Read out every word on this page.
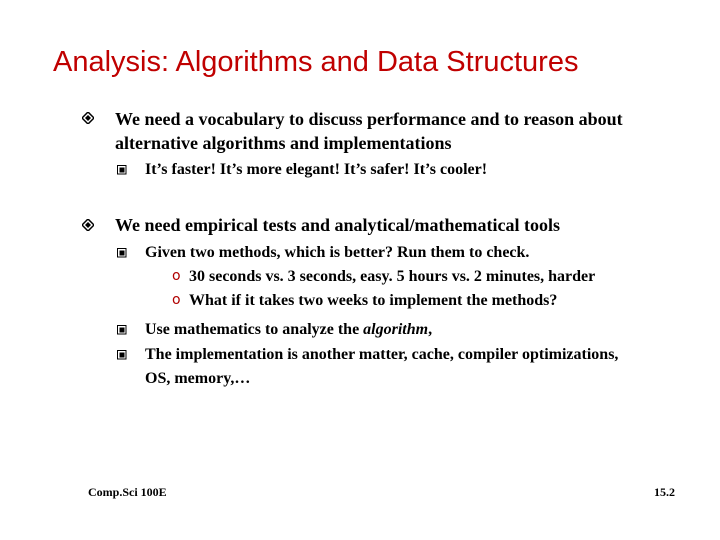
Analysis: Algorithms and Data Structures

We need a vocabulary to discuss performance and to reason about

alternative algorithms and implementations

It’s faster! It’s more elegant! It’s safer! It’s cooler!

We need empirical tests and analytical/mathematical tools

Given two methods, which is better? Run them to check.

o 30 seconds vs. 3 seconds, easy. 5 hours vs. 2 minutes, harder

o What if it takes two weeks to implement the methods?

Use mathematics to analyze the algorithm,

The implementation is another matter, cache, compiler optimizations,

OS, memory,…

Comp.Sci 100E	15.2
